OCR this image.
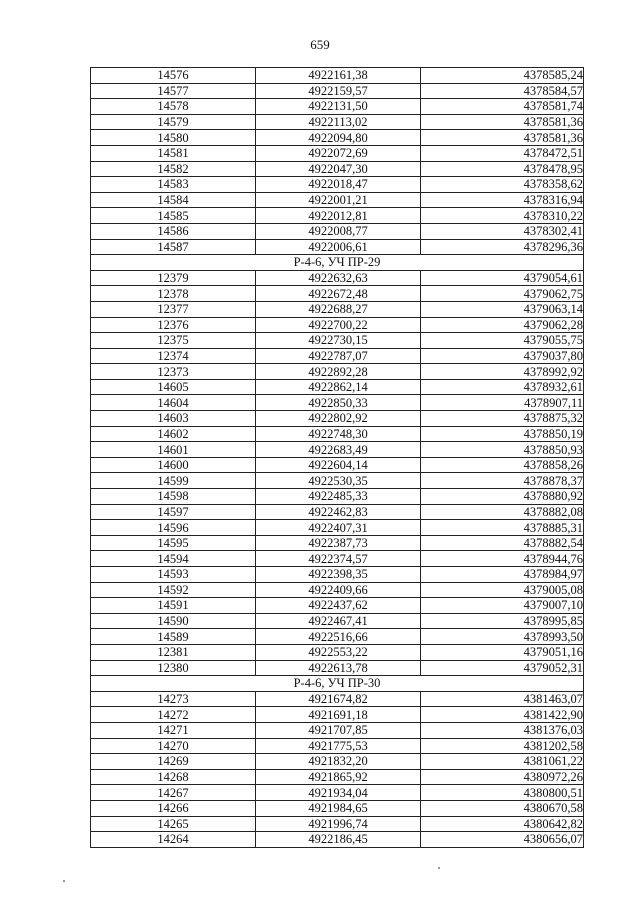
659
14576	4922161,38	4378585,24
14577	4922159,57	4378584,57
14578	4922131,50	4378581,74
14579	4922113,02	4378581,36
14580	4922094,80	4378581,36
14581	4922072,69	4378472,51
14582	4922047,30	4378478,95
14583	4922018,47	4378358,62
14584	4922001,21	4378316,94
14585	4922012,81	4378310,22
14586	4922008,77	4378302,41
14587	4922006,61	4378296,36
Р-4-6, УЧ ПР-29		
12379	4922632,63	4379054,61
12378	4922672,48	4379062,75
12377	4922688,27	4379063,14
12376	4922700,22	4379062,28
12375	4922730,15	4379055,75
12374	4922787,07	4379037,80
12373	4922892,28	4378992,92
14605	4922862,14	4378932,61
14604	4922850,33	4378907,11
14603	4922802,92	4378875,32
14602	4922748,30	4378850,19
14601	4922683,49	4378850,93
14600	4922604,14	4378858,26
14599	4922530,35	4378878,37
14598	4922485,33	4378880,92
14597	4922462,83	4378882,08
14596	4922407,31	4378885,31
14595	4922387,73	4378882,54
14594	4922374,57	4378944,76
14593	4922398,35	4378984,97
14592	4922409,66	4379005,08
14591	4922437,62	4379007,10
14590	4922467,41	4378995,85
14589	4922516,66	4378993,50
12381	4922553,22	4379051,16
12380	4922613,78	4379052,31
Р-4-6, УЧ ПР-30		
14273	4921674,82	4381463,07
14272	4921691,18	4381422,90
14271	4921707,85	4381376,03
14270	4921775,53	4381202,58
14269	4921832,20	4381061,22
14268	4921865,92	4380972,26
14267	4921934,04	4380800,51
14266	4921984,65	4380670,58
14265	4921996,74	4380642,82
14264	4922186,45	4380656,07
